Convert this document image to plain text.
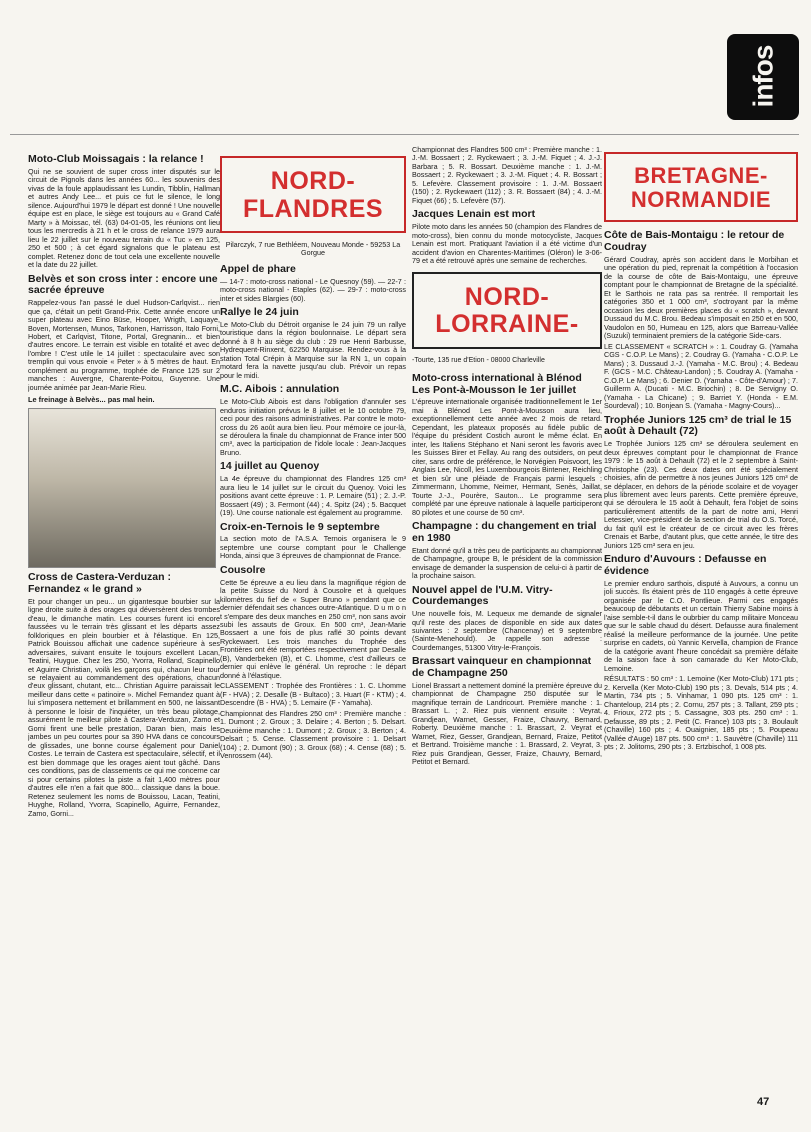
infos
Moto-Club Moissagais : la relance !

Qui ne se souvient de super cross inter disputés sur le circuit de Pignols dans les années 60... les souvenirs des vivas de la foule applaudissant les Lundin, Tibblin, Hallman et autres Andy Lee... et puis ce fut le silence, le long silence. Aujourd'hui 1979 le départ est donné ! Une nouvelle équipe est en place, le siège est toujours au « Grand Café Marty » à Moissac, tél. (63) 04-01-05, les réunions ont lieu tous les mercredis à 21 h et le cross de relance 1979 aura lieu le 22 juillet sur le nouveau terrain du « Tuc » en 125, 250 et 500 ; à cet égard signalons que le plateau est complet. Retenez donc de tout cela une excellente nouvelle et la date du 22 juillet.

Belvès et son cross inter : encore une sacrée épreuve

Rappelez-vous l'an passé le duel Hudson-Carlqvist... rien que ça, c'était un petit Grand-Prix. Cette année encore un super plateau avec Eino Büse, Hooper, Wrigth, Laquaye, Boven, Mortensen, Munos, Tarkonen, Harrisson, Italo Forni, Hobert, et Carlqvist, Titone, Portal, Gregnanin... et bien d'autres encore. Le terrain est visible en totalité et avec de l'ombre ! C'est utile le 14 juillet : spectaculaire avec son tremplin qui vous envoie « Peter » à 5 mètres de haut. En complément au programme, trophée de France 125 sur 2 manches : Auvergne, Charente-Poitou, Guyenne. Une journée animée par Jean-Marie Rieu.

Le freinage à Belvès... pas mal hein.
Cross de Castera-Verduzan : Fernandez « le grand »

Et pour changer un peu... un gigantesque bourbier sur la ligne droite suite à des orages qui déversèrent des trombes d'eau, le dimanche matin. Les courses furent ici encore faussées vu le terrain très glissant et les départs assez folkloriques en plein bourbier et à l'élastique. En 125, Patrick Bouissou affichait une cadence supérieure à ses adversaires, suivant ensuite le toujours excellent Lacan, Teatini, Huygue. Chez les 250, Yvorra, Rolland, Scapinello et Aguirre Christian, voilà les garçons qui, chacun leur tour se relayaient au commandement des opérations, chacun d'eux glissant, chutant, etc... Christian Aguirre paraissait le meilleur dans cette « patinoire ». Michel Fernandez quant à lui s'imposera nettement et brillamment en 500, ne laissant à personne le loisir de l'inquiéter, un très beau pilotage, assurément le meilleur pilote à Castera-Verduzan, Zamo et Gorni firent une belle prestation, Daran bien, mais les jambes un peu courtes pour sa 390 HVA dans ce concours de glissades, une bonne course également pour Daniel Costes. Le terrain de Castera est spectaculaire, sélectif, et il est bien dommage que les orages aient tout gâché. Dans ces conditions, pas de classements ce qui me concerne car si pour certains pilotes la piste a fait 1,400 mètres pour d'autres elle n'en a fait que 800... classique dans la boue. Retenez seulement les noms de Bouissou, Lacan, Teatini, Huyghe, Rolland, Yvorra, Scapinello, Aguirre, Fernandez, Zamo, Gorni...

NORD-FLANDRES
Pilarczyk, 7 rue Bethléem, Nouveau Monde - 59253 La Gorgue
Appel de phare

— 14-7 : moto-cross national - Le Quesnoy (59). — 22-7 : moto-cross national - Etaples (62). — 29-7 : moto-cross inter et sides Blargies (60).

Rallye le 24 juin

Le Moto-Club du Détroit organise le 24 juin 79 un rallye touristique dans la région boulonnaise. Le départ sera donné à 8 h au siège du club : 29 rue Henri Barbusse, Hydrequent-Rinxent, 62250 Marquise. Rendez-vous à la station Total Crépin à Marquise sur la RN 1, un copain motard fera la navette jusqu'au club. Prévoir un repas pour le midi.

M.C. Aibois : annulation

Le Moto-Club Aibois est dans l'obligation d'annuler ses enduros initiation prévus le 8 juillet et le 10 octobre 79, ceci pour des raisons administratives. Par contre le moto-cross du 26 août aura bien lieu. Pour mémoire ce jour-là, se déroulera la finale du championnat de France inter 500 cm³, avec la participation de l'idole locale : Jean-Jacques Bruno.

14 juillet au Quenoy

La 4e épreuve du championnat des Flandres 125 cm³ aura lieu le 14 juillet sur le circuit du Quenoy. Voici les positions avant cette épreuve : 1. P. Lemaire (51) ; 2. J.-P. Bossaert (49) ; 3. Fermont (44) ; 4. Spitz (24) ; 5. Bacquet (19). Une course nationale est également au programme.

Croix-en-Ternois le 9 septembre

La section moto de l'A.S.A. Ternois organisera le 9 septembre une course comptant pour le Challenge Honda, ainsi que 3 épreuves de championnat de France.

Cousolre

Cette 5e épreuve a eu lieu dans la magnifique région de la petite Suisse du Nord à Cousolre et à quelques kilomètres du fief de « Super Bruno » pendant que ce dernier défendait ses chances outre-Atlantique. D u m o n t s'empare des deux manches en 250 cm³, non sans avoir subi les assauts de Groux. En 500 cm³, Jean-Marie Bossaert a une fois de plus raflé 30 points devant Ryckewaert. Les trois manches du Trophée des Frontières ont été remportées respectivement par Desalle (B), Vanderbeken (B), et C. Lhomme, c'est d'ailleurs ce dernier qui enlève le général. Un reproche : le départ donné à l'élastique.

CLASSEMENT : Trophée des Frontières : 1. C. Lhomme (F - HVA) ; 2. Desalle (B - Bultaco) ; 3. Huart (F - KTM) ; 4. Descendre (B - HVA) ; 5. Lemaire (F - Yamaha).

Championnat des Flandres 250 cm³ : Première manche : 1. Dumont ; 2. Groux ; 3. Delaire ; 4. Berton ; 5. Delsart. Deuxième manche : 1. Dumont ; 2. Groux ; 3. Berton ; 4. Delsart ; 5. Cense. Classement provisoire : 1. Delsart (104) ; 2. Dumont (90) ; 3. Groux (68) ; 4. Cense (68) ; 5. Venrossem (44).

Championnat des Flandres 500 cm³ : Première manche : 1. J.-M. Bossaert ; 2. Ryckewaert ; 3. J.-M. Fiquet ; 4. J.-J. Barbara ; 5. R. Bossart. Deuxième manche : 1. J.-M. Bossaert ; 2. Ryckewaert ; 3. J.-M. Fiquet ; 4. R. Bossart ; 5. Lefevère. Classement provisoire : 1. J.-M. Bossaert (150) ; 2. Ryckewaert (112) ; 3. R. Bossaert (84) ; 4. J.-M. Fiquet (66) ; 5. Lefevère (57).

Jacques Lenain est mort

Pilote moto dans les années 50 (champion des Flandres de moto-cross), bien connu du monde motocycliste, Jacques Lenain est mort. Pratiquant l'aviation il a été victime d'un accident d'avion en Charentes-Maritimes (Oléron) le 3-06-79 et a été retrouvé après une semaine de recherches.

NORD-LORRAINE-
-Tourte, 135 rue d'Etion - 08000 Charleville
Moto-cross international à Blénod Les Pont-à-Mousson le 1er juillet

L'épreuve internationale organisée traditionnellement le 1er mai à Blénod Les Pont-à-Mousson aura lieu, exceptionnellement cette année avec 2 mois de retard. Cependant, les plateaux proposés au fidèle public de l'équipe du président Costich auront le même éclat. En inter, les Italiens Stéphano et Nani seront les favoris avec les Suisses Birer et Fellay. Au rang des outsiders, on peut citer, sans ordre de préférence, le Norvégien Poisvoort, les Anglais Lee, Nicoll, les Luxembourgeois Bintener, Reichling et bien sûr une pléiade de Français parmi lesquels : Zimmermann, Lhomme, Neimer, Hermant, Senès, Jaillat, Tourte J.-J., Pourère, Sauton... Le programme sera complété par une épreuve nationale à laquelle participeront 80 pilotes et une course de 50 cm³.

Champagne : du changement en trial en 1980

Etant donné qu'il a très peu de participants au championnat de Champagne, groupe B, le président de la commission envisage de demander la suspension de celui-ci à partir de la prochaine saison.

Nouvel appel de l'U.M. Vitry-Courdemanges

Une nouvelle fois, M. Lequeux me demande de signaler qu'il reste des places de disponible en side aux dates suivantes : 2 septembre (Chancenay) et 9 septembre (Sainte-Menehould). Je rappelle son adresse : Courdemanges, 51300 Vitry-le-François.

Brassart vainqueur en championnat de Champagne 250

Lionel Brassart a nettement dominé la première épreuve du championnat de Champagne 250 disputée sur le magnifique terrain de Landricourt. Première manche : 1. Brassart L. ; 2. Riez puis viennent ensuite : Veyrat, Grandjean, Warnet, Gesser, Fraize, Chauvry, Bernard, Roberty. Deuxième manche : 1. Brassart, 2. Veyrat et Warnet, Riez, Gesser, Grandjean, Bernard, Fraize, Petitot et Bertrand. Troisième manche : 1. Brassard, 2. Veyrat, 3. Riez puis Grandjean, Gesser, Fraize, Chauvry, Bernard, Petitot et Bernard.

BRETAGNE-NORMANDIE
Côte de Bais-Montaigu : le retour de Coudray

Gérard Coudray, après son accident dans le Morbihan et une opération du pied, reprenait la compétition à l'occasion de la course de côte de Bais-Montaigu, une épreuve comptant pour le championnat de Bretagne de la spécialité. Et le Sarthois ne rata pas sa rentrée. Il remportait les catégories 350 et 1 000 cm³, s'octroyant par la même occasion les deux premières places du « scratch », devant Dussaud du M.C. Brou. Bedeau s'imposait en 250 et en 500, Vaudolon en 50, Humeau en 125, alors que Barreau-Vallée (Suzuki) terminaient premiers de la catégorie Side-cars.

LE CLASSEMENT « SCRATCH » : 1. Coudray G. (Yamaha CGS - C.O.P. Le Mans) ; 2. Coudray G. (Yamaha - C.O.P. Le Mans) ; 3. Dussaud J.-J. (Yamaha - M.C. Brou) ; 4. Bedeau F. (GCS - M.C. Château-Landon) ; 5. Coudray A. (Yamaha - C.O.P. Le Mans) ; 6. Denier D. (Yamaha - Côte-d'Amour) ; 7. Guillerm A. (Ducati - M.C. Briochin) ; 8. De Servigny O. (Yamaha - La Chicane) ; 9. Barriet Y. (Honda - E.M. Sourdeval) ; 10. Bonjean S. (Yamaha - Magny-Cours)...

Trophée Juniors 125 cm³ de trial le 15 août à Dehault (72)

Le Trophée Juniors 125 cm³ se déroulera seulement en deux épreuves comptant pour le championnat de France 1979 : le 15 août à Dehault (72) et le 2 septembre à Saint-Christophe (23). Ces deux dates ont été spécialement choisies, afin de permettre à nos jeunes Juniors 125 cm³ de se déplacer, en dehors de la période scolaire et de voyager plus librement avec leurs parents. Cette première épreuve, qui se déroulera le 15 août à Dehault, fera l'objet de soins particulièrement attentifs de la part de notre ami, Henri Letessier, vice-président de la section de trial du O.S. Torcé, du fait qu'il est le créateur de ce circuit avec les frères Crenais et Barbe, d'autant plus, que cette année, le titre des Juniors 125 cm³ sera en jeu.

Enduro d'Auvours : Defausse en évidence

Le premier enduro sarthois, disputé à Auvours, a connu un joli succès. Ils étaient près de 110 engagés à cette épreuve organisée par le C.O. Pontlieue. Parmi ces engagés beaucoup de débutants et un certain Thierry Sabine moins à l'aise semble-t-il dans le oubrbier du camp militaire Monceau que sur le sable chaud du désert. Defausse aura finalement réalisé la meilleure performance de la journée. Une petite surprise en cadets, où Yannic Kervella, champion de France de la catégorie avant l'heure concédait sa première défaite de la saison face à son camarade du Ker Moto-Club, Lemoine.

RÉSULTATS : 50 cm³ : 1. Lemoine (Ker Moto-Club) 171 pts ; 2. Kervella (Ker Moto-Club) 190 pts ; 3. Devals, 514 pts ; 4. Martin, 734 pts ; 5. Vinhamar, 1 090 pts. 125 cm³ : 1. Chanteloup, 214 pts ; 2. Cornu, 257 pts ; 3. Tallant, 259 pts ; 4. Frioux, 272 pts ; 5. Cassagne, 303 pts. 250 cm³ : 1. Defausse, 89 pts ; 2. Petit (C. France) 103 pts ; 3. Boulault (Chaville) 160 pts ; 4. Ouaignier, 185 pts ; 5. Poupeau (Vallée d'Auge) 187 pts. 500 cm³ : 1. Sauvètre (Chaville) 111 pts ; 2. Jolitoms, 290 pts ; 3. Ertzbischof, 1 008 pts.

47
